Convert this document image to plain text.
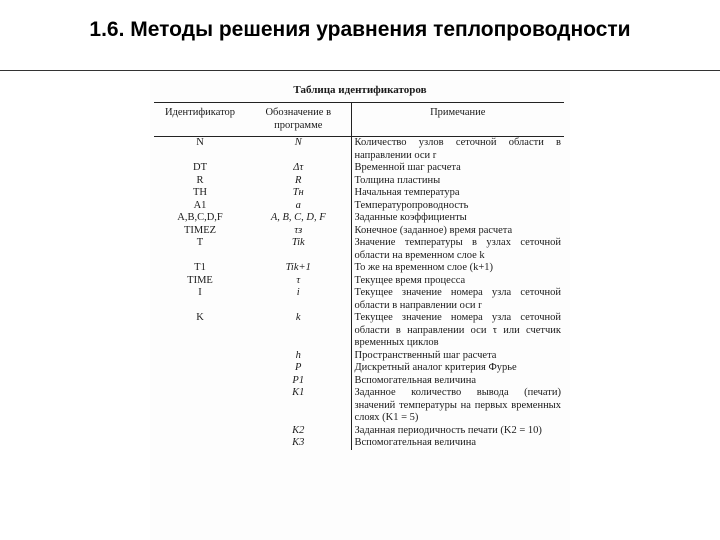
1.6. Методы решения уравнения теплопроводности
Таблица идентификаторов
Идентификатор	Обозначение в программе	Примечание
N	N	Количество узлов сеточной области в направлении оси r
DT	Δτ	Временной шаг расчета
R	R	Толщина пластины
TH	Tн	Начальная температура
A1	a	Температуропроводность
A,B,C,D,F	A, B, C, D, F	Заданные коэффициенты
TIMEZ	τз	Конечное (заданное) время расчета
T	Tik	Значение температуры в узлах сеточной области на временном слое k
T1	Tik+1	То же на временном слое (k+1)
TIME	τ	Текущее время процесса
I	i	Текущее значение номера узла сеточной области в направлении оси r
K	k	Текущее значение номера узла сеточной области в направлении оси τ или счетчик временных циклов
	h	Пространственный шаг расчета
	P	Дискретный аналог критерия Фурье
	P1	Вспомогательная величина
	K1	Заданное количество вывода (печати) значений температуры на первых временных слоях (K1 = 5)
	K2	Заданная периодичность печати (K2 = 10)
	K3	Вспомогательная величина
